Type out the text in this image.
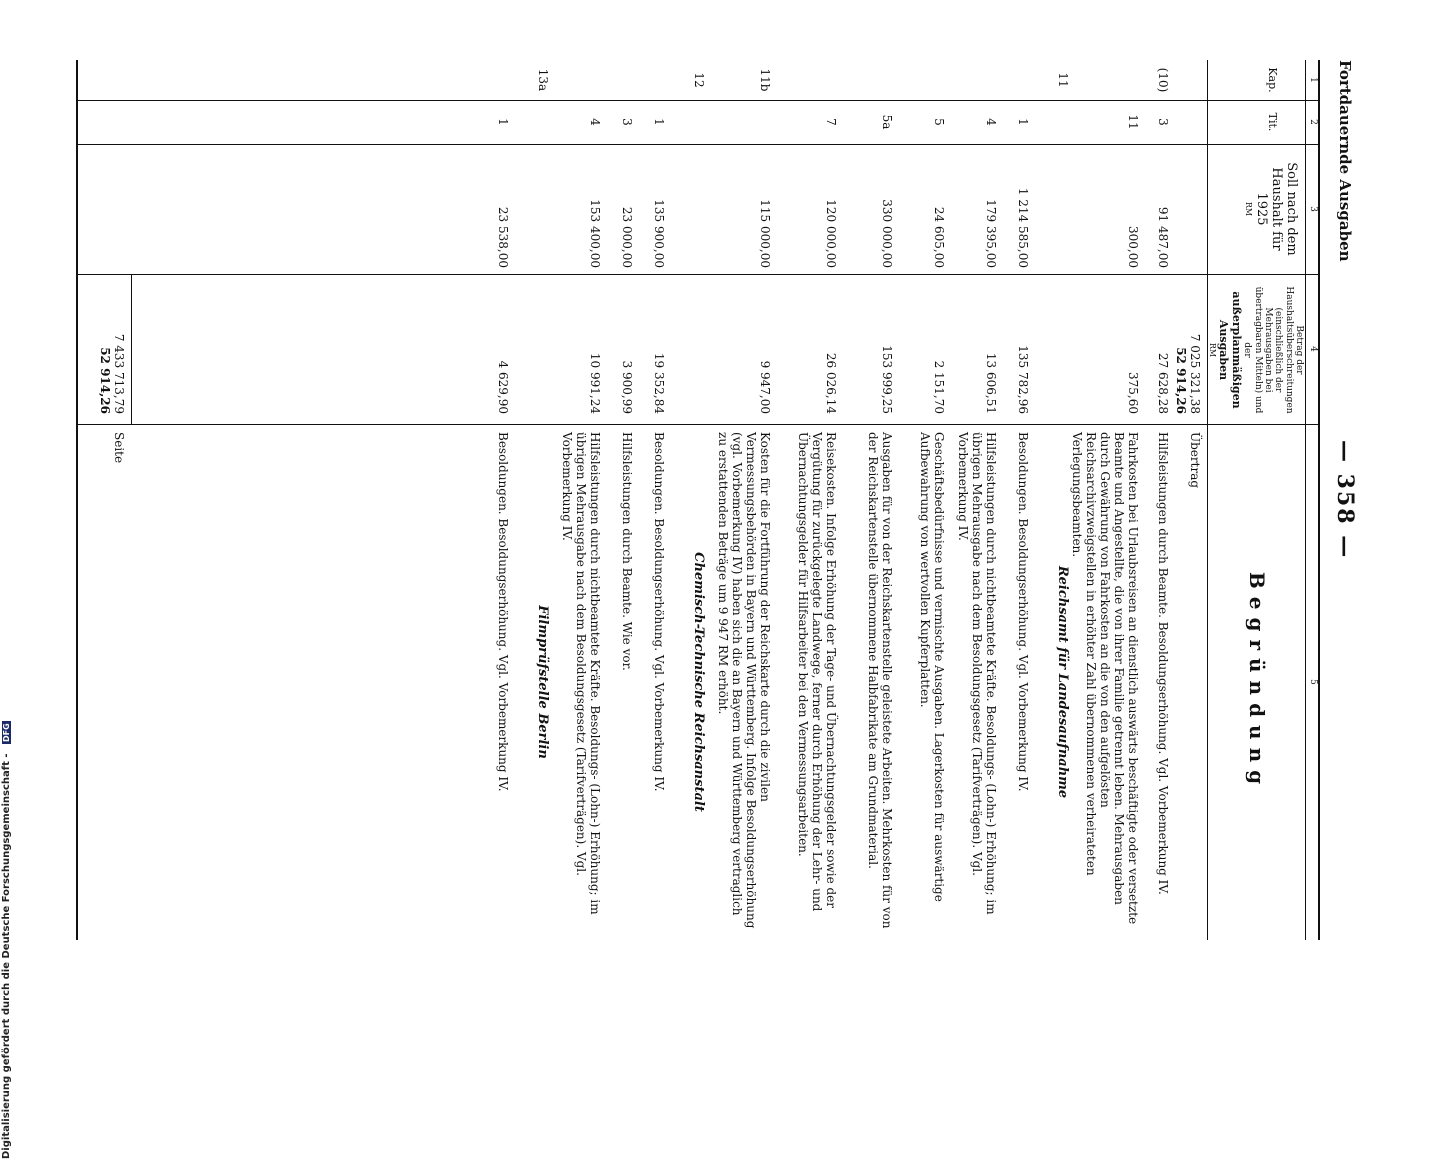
Digitalisierung gefördert durch die Deutsche Forschungsgemeinschaft - DFG
Fortdauernde Ausgaben
— 358 —
1
2
3
4
5
Kap.
Tit.
Soll nach dem Haushalt für 1925
RM
Betrag der Haushaltsüberschreitungen (einschließlich der Mehrausgaben bei übertragbaren Mitteln) und der
außerplanmäßigen Ausgaben
RM
Begründung
7 025 321,38
52 914,26
Übertrag
(10)
3
91 487,00
27 628,28
Hilfsleistungen durch Beamte. Besoldungserhöhung. Vgl. Vorbemerkung IV.
11
300,00
375,60
Fahrkosten bei Urlaubsreisen an dienstlich auswärts beschäftigte oder versetzte Beamte und Angestellte, die von ihrer Familie getrennt leben. Mehrausgaben durch Gewährung von Fahrkosten an die von den aufgelösten Reichsarchivzweigstellen in erhöhter Zahl übernommenen verheirateten Verlegungsbeamten.
11
Reichsamt für Landesaufnahme
1
1 214 585,00
135 782,96
Besoldungen. Besoldungserhöhung. Vgl. Vorbemerkung IV.
4
179 395,00
13 606,51
Hilfsleistungen durch nichtbeamtete Kräfte. Besoldungs- (Lohn-) Erhöhung; im übrigen Mehrausgabe nach dem Besoldungsgesetz (Tarifverträgen). Vgl. Vorbemerkung IV.
5
24 605,00
2 151,70
Geschäftsbedürfnisse und vermischte Ausgaben. Lagerkosten für auswärtige Aufbewahrung von wertvollen Kupferplatten.
5a
330 000,00
153 999,25
Ausgaben für von der Reichskartenstelle geleistete Arbeiten. Mehrkosten für von der Reichskartenstelle übernommene Halbfabrikate am Grundmaterial.
7
120 000,00
26 026,14
Reisekosten. Infolge Erhöhung der Tage- und Übernachtungsgelder sowie der Vergütung für zurückgelegte Landwege, ferner durch Erhöhung der Lehr- und Übernachtungsgelder für Hilfsarbeiter bei den Vermessungsarbeiten.
11b
115 000,00
9 947,00
Kosten für die Fortführung der Reichskarte durch die zivilen Vermessungsbehörden in Bayern und Württemberg. Infolge Besoldungserhöhung (vgl. Vorbemerkung IV) haben sich die an Bayern und Württemberg vertraglich zu erstattenden Beträge um 9 947 RM erhöht.
12
Chemisch-Technische Reichsanstalt
1
135 900,00
19 352,84
Besoldungen. Besoldungserhöhung. Vgl. Vorbemerkung IV.
3
23 000,00
3 900,99
Hilfsleistungen durch Beamte. Wie vor.
4
153 400,00
10 991,24
Hilfsleistungen durch nichtbeamtete Kräfte. Besoldungs- (Lohn-) Erhöhung; im übrigen Mehrausgabe nach dem Besoldungsgesetz (Tarifverträgen). Vgl. Vorbemerkung IV.
13a
Filmprüfstelle Berlin
1
23 538,00
4 629,90
Besoldungen. Besoldungserhöhung. Vgl. Vorbemerkung IV.
7 433 713,79
52 914,26
Seite
